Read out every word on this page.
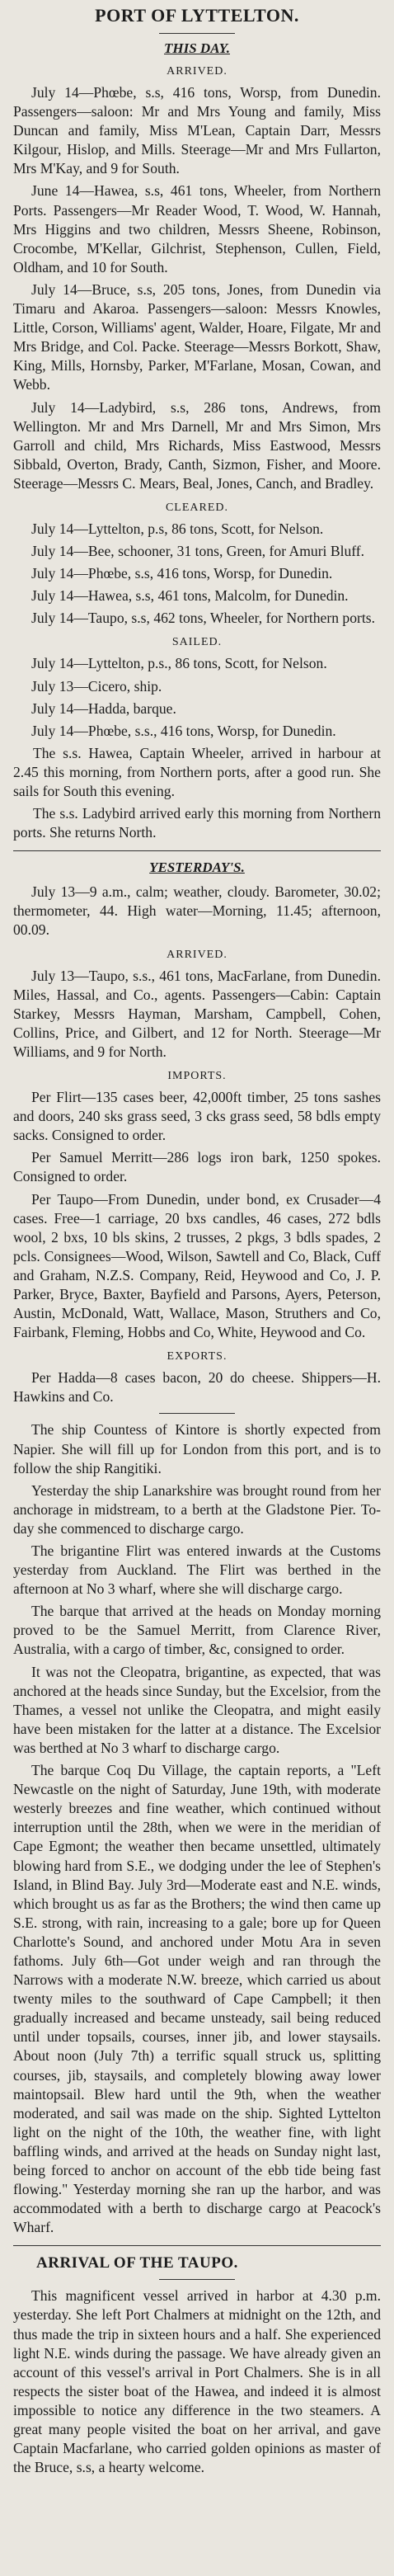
PORT OF LYTTELTON.
THIS DAY.
ARRIVED.

July 14—Phœbe, s.s, 416 tons, Worsp, from Dunedin. Passengers—saloon: Mr and Mrs Young and family, Miss Duncan and family, Miss M'Lean, Captain Darr, Messrs Kilgour, Hislop, and Mills. Steerage—Mr and Mrs Fullarton, Mrs M'Kay, and 9 for South.

June 14—Hawea, s.s, 461 tons, Wheeler, from Northern Ports. Passengers—Mr Reader Wood, T. Wood, W. Hannah, Mrs Higgins and two children, Messrs Sheene, Robinson, Crocombe, M'Kellar, Gilchrist, Stephenson, Cullen, Field, Oldham, and 10 for South.

July 14—Bruce, s.s, 205 tons, Jones, from Dunedin via Timaru and Akaroa. Passengers—saloon: Messrs Knowles, Little, Corson, Williams' agent, Walder, Hoare, Filgate, Mr and Mrs Bridge, and Col. Packe. Steerage—Messrs Borkott, Shaw, King, Mills, Hornsby, Parker, M'Farlane, Mosan, Cowan, and Webb.

July 14—Ladybird, s.s, 286 tons, Andrews, from Wellington. Mr and Mrs Darnell, Mr and Mrs Simon, Mrs Garroll and child, Mrs Richards, Miss Eastwood, Messrs Sibbald, Overton, Brady, Canth, Sizmon, Fisher, and Moore. Steerage—Messrs C. Mears, Beal, Jones, Canch, and Bradley.

CLEARED.

July 14—Lyttelton, p.s, 86 tons, Scott, for Nelson.

July 14—Bee, schooner, 31 tons, Green, for Amuri Bluff.

July 14—Phœbe, s.s, 416 tons, Worsp, for Dunedin.

July 14—Hawea, s.s, 461 tons, Malcolm, for Dunedin.

July 14—Taupo, s.s, 462 tons, Wheeler, for Northern ports.

SAILED.

July 14—Lyttelton, p.s., 86 tons, Scott, for Nelson.

July 13—Cicero, ship.

July 14—Hadda, barque.

July 14—Phœbe, s.s., 416 tons, Worsp, for Dunedin.

The s.s. Hawea, Captain Wheeler, arrived in harbour at 2.45 this morning, from Northern ports, after a good run. She sails for South this evening.

The s.s. Ladybird arrived early this morning from Northern ports. She returns North.

YESTERDAY'S.

July 13—9 a.m., calm; weather, cloudy. Barometer, 30.02; thermometer, 44. High water—Morning, 11.45; afternoon, 00.09.

ARRIVED.

July 13—Taupo, s.s., 461 tons, MacFarlane, from Dunedin. Miles, Hassal, and Co., agents. Passengers—Cabin: Captain Starkey, Messrs Hayman, Marsham, Campbell, Cohen, Collins, Price, and Gilbert, and 12 for North. Steerage—Mr Williams, and 9 for North.

IMPORTS.

Per Flirt—135 cases beer, 42,000ft timber, 25 tons sashes and doors, 240 sks grass seed, 3 cks grass seed, 58 bdls empty sacks. Consigned to order.

Per Samuel Merritt—286 logs iron bark, 1250 spokes. Consigned to order.

Per Taupo—From Dunedin, under bond, ex Crusader—4 cases. Free—1 carriage, 20 bxs candles, 46 cases, 272 bdls wool, 2 bxs, 10 bls skins, 2 trusses, 2 pkgs, 3 bdls spades, 2 pcls. Consignees—Wood, Wilson, Sawtell and Co, Black, Cuff and Graham, N.Z.S. Company, Reid, Heywood and Co, J. P. Parker, Bryce, Baxter, Bayfield and Parsons, Ayers, Peterson, Austin, McDonald, Watt, Wallace, Mason, Struthers and Co, Fairbank, Fleming, Hobbs and Co, White, Heywood and Co.

EXPORTS.

Per Hadda—8 cases bacon, 20 do cheese. Shippers—H. Hawkins and Co.

The ship Countess of Kintore is shortly expected from Napier. She will fill up for London from this port, and is to follow the ship Rangitiki.

Yesterday the ship Lanarkshire was brought round from her anchorage in midstream, to a berth at the Gladstone Pier. To-day she commenced to discharge cargo.

The brigantine Flirt was entered inwards at the Customs yesterday from Auckland. The Flirt was berthed in the afternoon at No 3 wharf, where she will discharge cargo.

The barque that arrived at the heads on Monday morning proved to be the Samuel Merritt, from Clarence River, Australia, with a cargo of timber, &c, consigned to order.

It was not the Cleopatra, brigantine, as expected, that was anchored at the heads since Sunday, but the Excelsior, from the Thames, a vessel not unlike the Cleopatra, and might easily have been mistaken for the latter at a distance. The Excelsior was berthed at No 3 wharf to discharge cargo.

The barque Coq Du Village, the captain reports, a "Left Newcastle on the night of Saturday, June 19th, with moderate westerly breezes and fine weather, which continued without interruption until the 28th, when we were in the meridian of Cape Egmont; the weather then became unsettled, ultimately blowing hard from S.E., we dodging under the lee of Stephen's Island, in Blind Bay. July 3rd—Moderate east and N.E. winds, which brought us as far as the Brothers; the wind then came up S.E. strong, with rain, increasing to a gale; bore up for Queen Charlotte's Sound, and anchored under Motu Ara in seven fathoms. July 6th—Got under weigh and ran through the Narrows with a moderate N.W. breeze, which carried us about twenty miles to the southward of Cape Campbell; it then gradually increased and became unsteady, sail being reduced until under topsails, courses, inner jib, and lower staysails. About noon (July 7th) a terrific squall struck us, splitting courses, jib, staysails, and completely blowing away lower maintopsail. Blew hard until the 9th, when the weather moderated, and sail was made on the ship. Sighted Lyttelton light on the night of the 10th, the weather fine, with light baffling winds, and arrived at the heads on Sunday night last, being forced to anchor on account of the ebb tide being fast flowing." Yesterday morning she ran up the harbor, and was accommodated with a berth to discharge cargo at Peacock's Wharf.

ARRIVAL OF THE TAUPO.

This magnificent vessel arrived in harbor at 4.30 p.m. yesterday. She left Port Chalmers at midnight on the 12th, and thus made the trip in sixteen hours and a half. She experienced light N.E. winds during the passage. We have already given an account of this vessel's arrival in Port Chalmers. She is in all respects the sister boat of the Hawea, and indeed it is almost impossible to notice any difference in the two steamers. A great many people visited the boat on her arrival, and gave Captain Macfarlane, who carried golden opinions as master of the Bruce, s.s, a hearty welcome.
